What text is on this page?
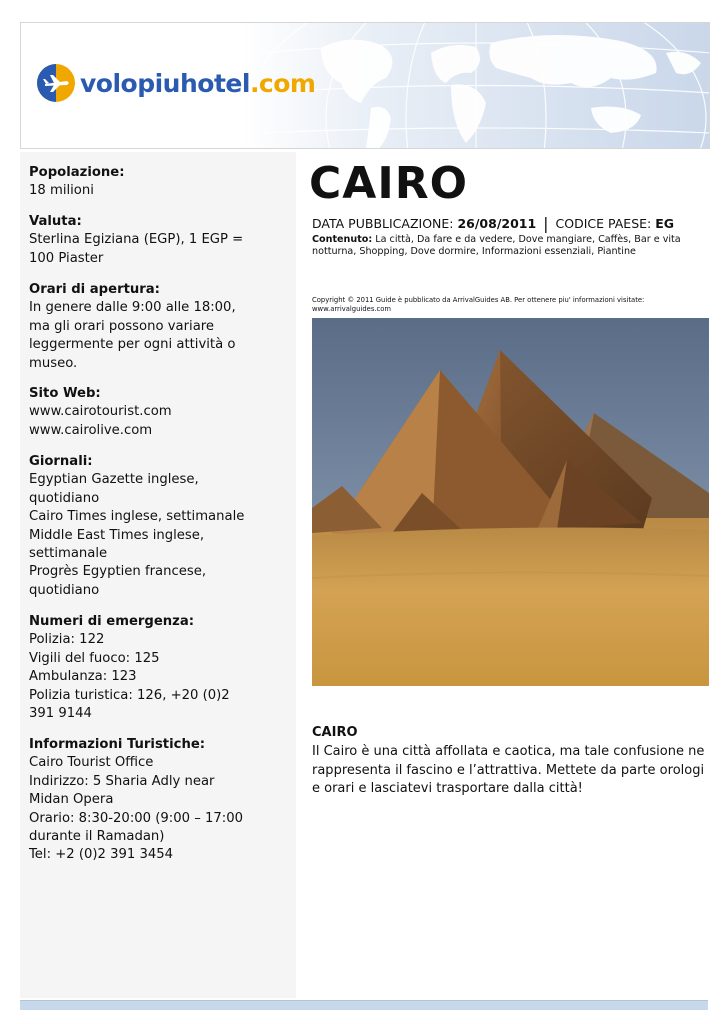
volopiuhotel.com
Popolazione:
18 milioni
Valuta:
Sterlina Egiziana (EGP), 1 EGP =
100 Piaster
Orari di apertura:
In genere dalle 9:00 alle 18:00,
ma gli orari possono variare
leggermente per ogni attività o
museo.
Sito Web:
www.cairotourist.com
www.cairolive.com
Giornali:
Egyptian Gazette inglese,
quotidiano
Cairo Times inglese, settimanale
Middle East Times inglese,
settimanale
Progrès Egyptien francese,
quotidiano
Numeri di emergenza:
Polizia: 122
Vigili del fuoco: 125
Ambulanza: 123
Polizia turistica: 126, +20 (0)2
391 9144
Informazioni Turistiche:
Cairo Tourist Office
Indirizzo: 5 Sharia Adly near
Midan Opera
Orario: 8:30-20:00 (9:00 – 17:00
durante il Ramadan)
Tel: +2 (0)2 391 3454
CAIRO
DATA PUBBLICAZIONE: 26/08/2011 | CODICE PAESE: EG
Contenuto: La città, Da fare e da vedere, Dove mangiare, Caffès, Bar e vita notturna, Shopping, Dove dormire, Informazioni essenziali, Piantine
Copyright © 2011 Guide è pubblicato da ArrivalGuides AB. Per ottenere piu' informazioni visitate: www.arrivalguides.com
CAIRO
Il Cairo è una città affollata e caotica, ma tale confusione ne rappresenta il fascino e l’attrattiva. Mettete da parte orologi e orari e lasciatevi trasportare dalla città!
